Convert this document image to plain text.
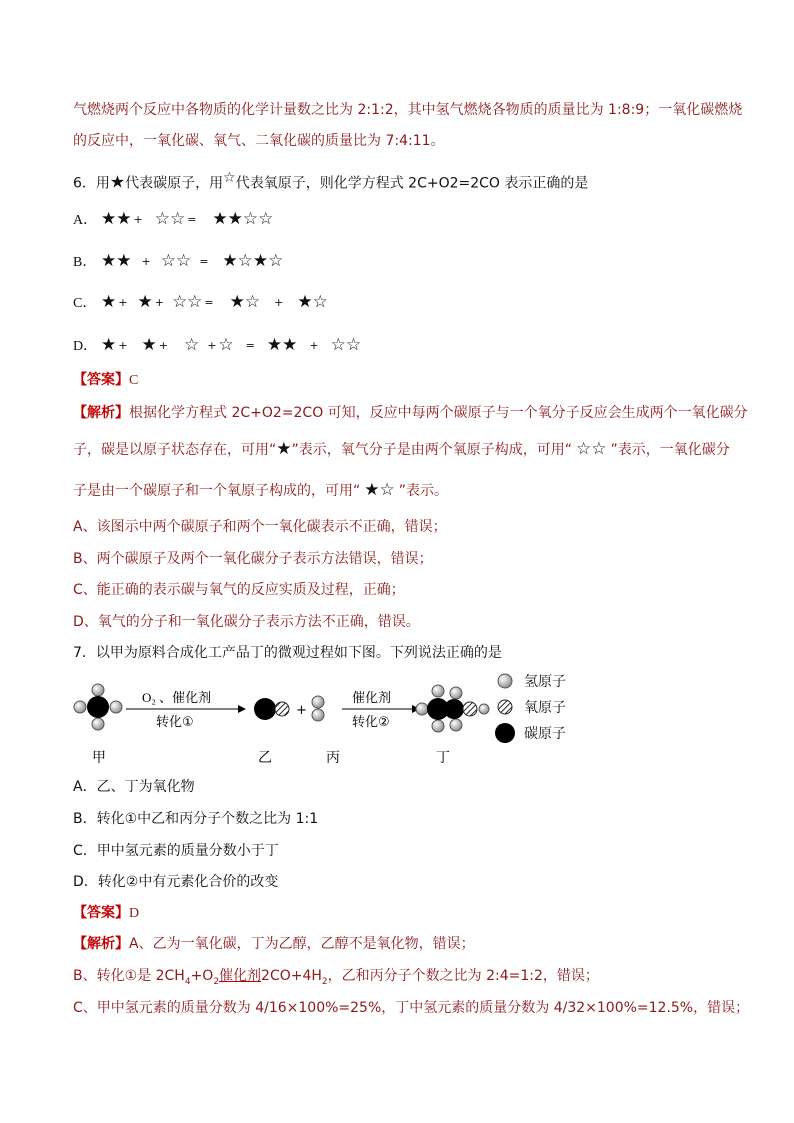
气燃烧两个反应中各物质的化学计量数之比为 2:1:2，其中氢气燃烧各物质的质量比为 1:8:9；一氧化碳燃烧
的反应中，一氧化碳、氧气、二氧化碳的质量比为 7:4:11。
6．用★代表碳原子，用☆代表氧原子，则化学方程式 2C+O2=2CO 表示正确的是
A． ★★ + ☆☆ = ★★☆☆
B． ★★ + ☆☆ = ★☆★☆
C． ★ + ★ + ☆☆ = ★☆ + ★☆
D． ★ + ★ + ☆ + ☆ = ★★ + ☆☆
【答案】C
【解析】根据化学方程式 2C+O2=2CO 可知，反应中每两个碳原子与一个氧分子反应会生成两个一氧化碳分
子，碳是以原子状态存在，可用“★”表示，氧气分子是由两个氧原子构成，可用“ ☆☆ ”表示，一氧化碳分
子是由一个碳原子和一个氧原子构成的，可用“ ★☆ ”表示。
A、该图示中两个碳原子和两个一氧化碳表示不正确，错误；
B、两个碳原子及两个一氧化碳分子表示方法错误，错误；
C、能正确的表示碳与氧气的反应实质及过程，正确；
D、氧气的分子和一氧化碳分子表示方法不正确，错误。
7．以甲为原料合成化工产品丁的微观过程如下图。下列说法正确的是
O₂ 、催化剂
转化①
+
催化剂
转化②
甲	乙	丙	丁
氢原子
氧原子
碳原子
A．乙、丁为氧化物
B．转化①中乙和丙分子个数之比为 1:1
C．甲中氢元素的质量分数小于丁
D．转化②中有元素化合价的改变
【答案】D
【解析】A、乙为一氧化碳，丁为乙醇，乙醇不是氧化物，错误；
B、转化①是 $2CH_4+O_2$催化剂$2CO+4H_2$，乙和丙分子个数之比为 2:4=1:2，错误；
C、甲中氢元素的质量分数为 4/16×100%=25%，丁中氢元素的质量分数为 4/32×100%=12.5%，错误；
